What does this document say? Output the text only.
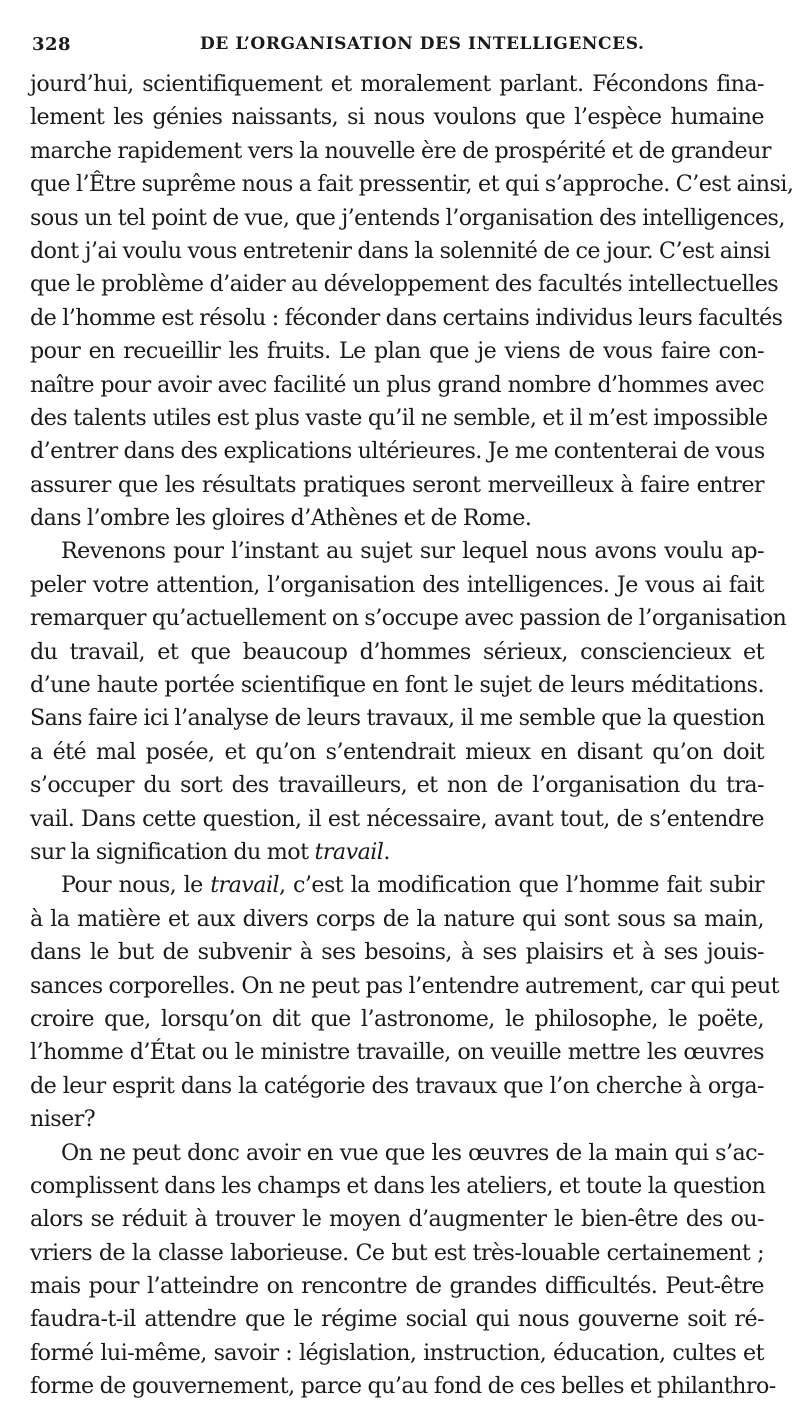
328	DE L’ORGANISATION DES INTELLIGENCES.
jourd’hui, scientifiquement et moralement parlant. Fécondons fina-
lement les génies naissants, si nous voulons que l’espèce humaine
marche rapidement vers la nouvelle ère de prospérité et de grandeur
que l’Être suprême nous a fait pressentir, et qui s’approche. C’est ainsi,
sous un tel point de vue, que j’entends l’organisation des intelligences,
dont j’ai voulu vous entretenir dans la solennité de ce jour. C’est ainsi
que le problème d’aider au développement des facultés intellectuelles
de l’homme est résolu : féconder dans certains individus leurs facultés
pour en recueillir les fruits. Le plan que je viens de vous faire con-
naître pour avoir avec facilité un plus grand nombre d’hommes avec
des talents utiles est plus vaste qu’il ne semble, et il m’est impossible
d’entrer dans des explications ultérieures. Je me contenterai de vous
assurer que les résultats pratiques seront merveilleux à faire entrer
dans l’ombre les gloires d’Athènes et de Rome.
Revenons pour l’instant au sujet sur lequel nous avons voulu ap-
peler votre attention, l’organisation des intelligences. Je vous ai fait
remarquer qu’actuellement on s’occupe avec passion de l’organisation
du travail, et que beaucoup d’hommes sérieux, consciencieux et
d’une haute portée scientifique en font le sujet de leurs méditations.
Sans faire ici l’analyse de leurs travaux, il me semble que la question
a été mal posée, et qu’on s’entendrait mieux en disant qu’on doit
s’occuper du sort des travailleurs, et non de l’organisation du tra-
vail. Dans cette question, il est nécessaire, avant tout, de s’entendre
sur la signification du mot travail.
Pour nous, le travail, c’est la modification que l’homme fait subir
à la matière et aux divers corps de la nature qui sont sous sa main,
dans le but de subvenir à ses besoins, à ses plaisirs et à ses jouis-
sances corporelles. On ne peut pas l’entendre autrement, car qui peut
croire que, lorsqu’on dit que l’astronome, le philosophe, le poëte,
l’homme d’État ou le ministre travaille, on veuille mettre les œuvres
de leur esprit dans la catégorie des travaux que l’on cherche à orga-
niser?
On ne peut donc avoir en vue que les œuvres de la main qui s’ac-
complissent dans les champs et dans les ateliers, et toute la question
alors se réduit à trouver le moyen d’augmenter le bien-être des ou-
vriers de la classe laborieuse. Ce but est très-louable certainement ;
mais pour l’atteindre on rencontre de grandes difficultés. Peut-être
faudra-t-il attendre que le régime social qui nous gouverne soit ré-
formé lui-même, savoir : législation, instruction, éducation, cultes et
forme de gouvernement, parce qu’au fond de ces belles et philanthro-
